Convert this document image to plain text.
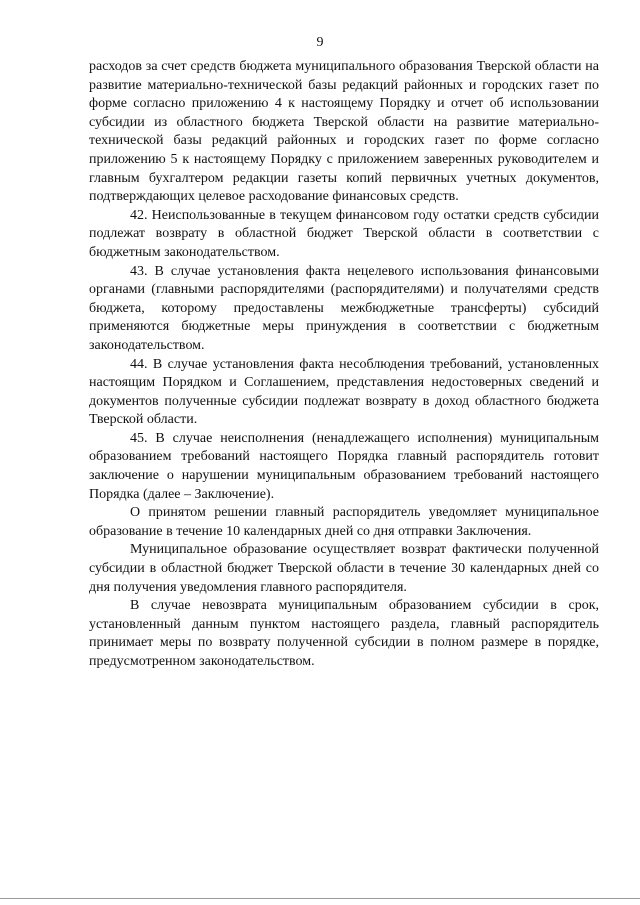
9

расходов за счет средств бюджета муниципального образования Тверской области на развитие материально-технической базы редакций районных и городских газет по форме согласно приложению 4 к настоящему Порядку и отчет об использовании субсидии из областного бюджета Тверской области на развитие материально-технической базы редакций районных и городских газет по форме согласно приложению 5 к настоящему Порядку с приложением заверенных руководителем и главным бухгалтером редакции газеты копий первичных учетных документов, подтверждающих целевое расходование финансовых средств.

42. Неиспользованные в текущем финансовом году остатки средств субсидии подлежат возврату в областной бюджет Тверской области в соответствии с бюджетным законодательством.

43. В случае установления факта нецелевого использования финансовыми органами (главными распорядителями (распорядителями) и получателями средств бюджета, которому предоставлены межбюджетные трансферты) субсидий применяются бюджетные меры принуждения в соответствии с бюджетным законодательством.

44. В случае установления факта несоблюдения требований, установленных настоящим Порядком и Соглашением, представления недостоверных сведений и документов полученные субсидии подлежат возврату в доход областного бюджета Тверской области.

45. В случае неисполнения (ненадлежащего исполнения) муниципальным образованием требований настоящего Порядка главный распорядитель готовит заключение о нарушении муниципальным образованием требований настоящего Порядка (далее – Заключение).

О принятом решении главный распорядитель уведомляет муниципальное образование в течение 10 календарных дней со дня отправки Заключения.

Муниципальное образование осуществляет возврат фактически полученной субсидии в областной бюджет Тверской области в течение 30 календарных дней со дня получения уведомления главного распорядителя.

В случае невозврата муниципальным образованием субсидии в срок, установленный данным пунктом настоящего раздела, главный распорядитель принимает меры по возврату полученной субсидии в полном размере в порядке, предусмотренном законодательством.
